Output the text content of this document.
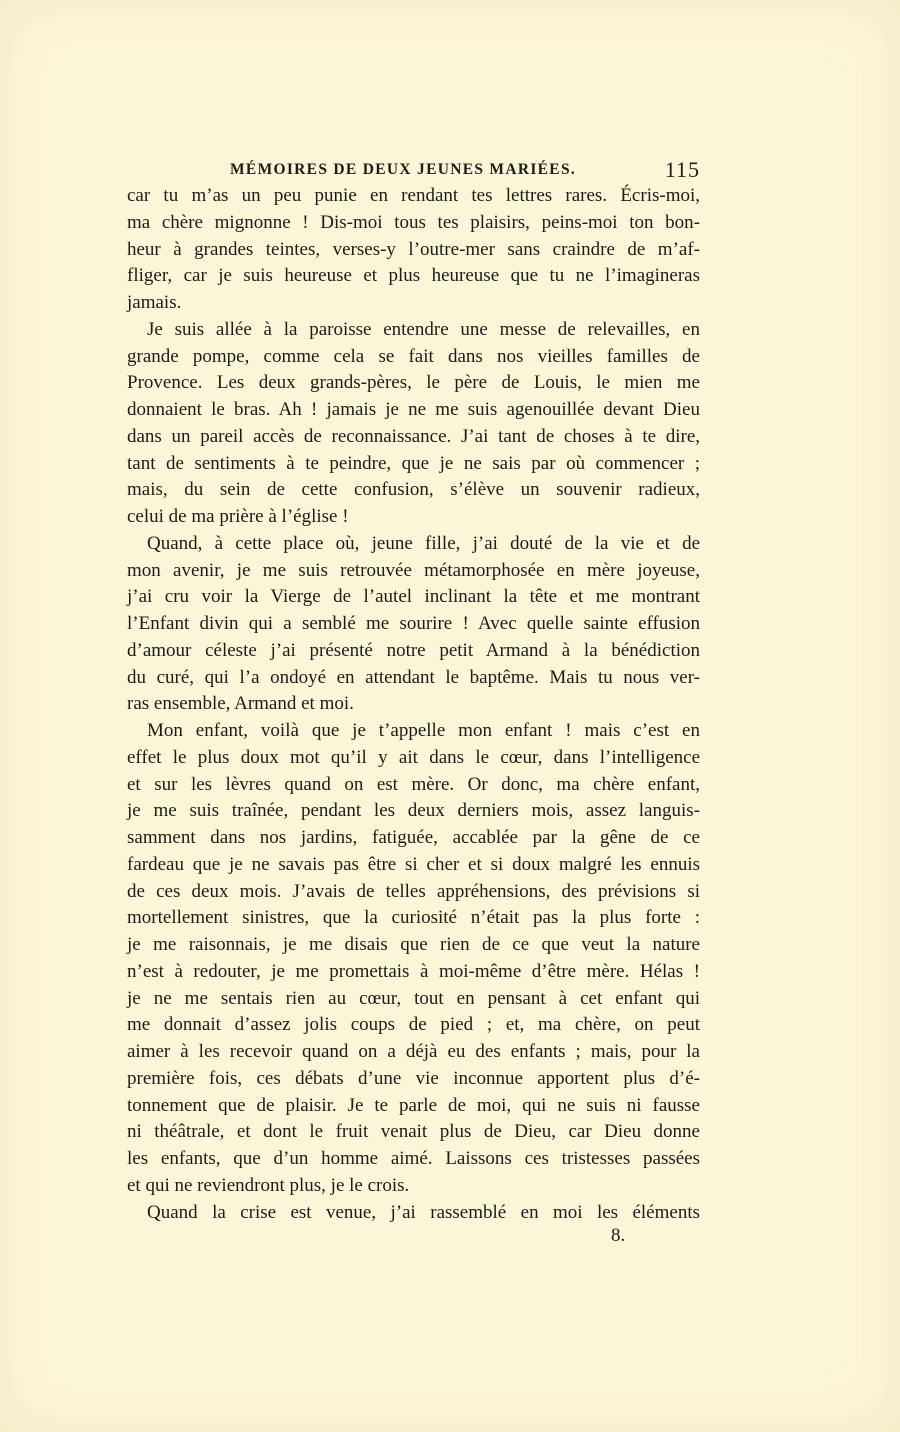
MÉMOIRES DE DEUX JEUNES MARIÉES.	115
car tu m’as un peu punie en rendant tes lettres rares. Écris-moi,
ma chère mignonne ! Dis-moi tous tes plaisirs, peins-moi ton bon-
heur à grandes teintes, verses-y l’outre-mer sans craindre de m’af-
fliger, car je suis heureuse et plus heureuse que tu ne l’imagineras
jamais.
Je suis allée à la paroisse entendre une messe de relevailles, en
grande pompe, comme cela se fait dans nos vieilles familles de
Provence. Les deux grands-pères, le père de Louis, le mien me
donnaient le bras. Ah ! jamais je ne me suis agenouillée devant Dieu
dans un pareil accès de reconnaissance. J’ai tant de choses à te dire,
tant de sentiments à te peindre, que je ne sais par où commencer ;
mais, du sein de cette confusion, s’élève un souvenir radieux,
celui de ma prière à l’église !
Quand, à cette place où, jeune fille, j’ai douté de la vie et de
mon avenir, je me suis retrouvée métamorphosée en mère joyeuse,
j’ai cru voir la Vierge de l’autel inclinant la tête et me montrant
l’Enfant divin qui a semblé me sourire ! Avec quelle sainte effusion
d’amour céleste j’ai présenté notre petit Armand à la bénédiction
du curé, qui l’a ondoyé en attendant le baptême. Mais tu nous ver-
ras ensemble, Armand et moi.
Mon enfant, voilà que je t’appelle mon enfant ! mais c’est en
effet le plus doux mot qu’il y ait dans le cœur, dans l’intelligence
et sur les lèvres quand on est mère. Or donc, ma chère enfant,
je me suis traînée, pendant les deux derniers mois, assez languis-
samment dans nos jardins, fatiguée, accablée par la gêne de ce
fardeau que je ne savais pas être si cher et si doux malgré les ennuis
de ces deux mois. J’avais de telles appréhensions, des prévisions si
mortellement sinistres, que la curiosité n’était pas la plus forte :
je me raisonnais, je me disais que rien de ce que veut la nature
n’est à redouter, je me promettais à moi-même d’être mère. Hélas !
je ne me sentais rien au cœur, tout en pensant à cet enfant qui
me donnait d’assez jolis coups de pied ; et, ma chère, on peut
aimer à les recevoir quand on a déjà eu des enfants ; mais, pour la
première fois, ces débats d’une vie inconnue apportent plus d’é-
tonnement que de plaisir. Je te parle de moi, qui ne suis ni fausse
ni théâtrale, et dont le fruit venait plus de Dieu, car Dieu donne
les enfants, que d’un homme aimé. Laissons ces tristesses passées
et qui ne reviendront plus, je le crois.
Quand la crise est venue, j’ai rassemblé en moi les éléments
8.
